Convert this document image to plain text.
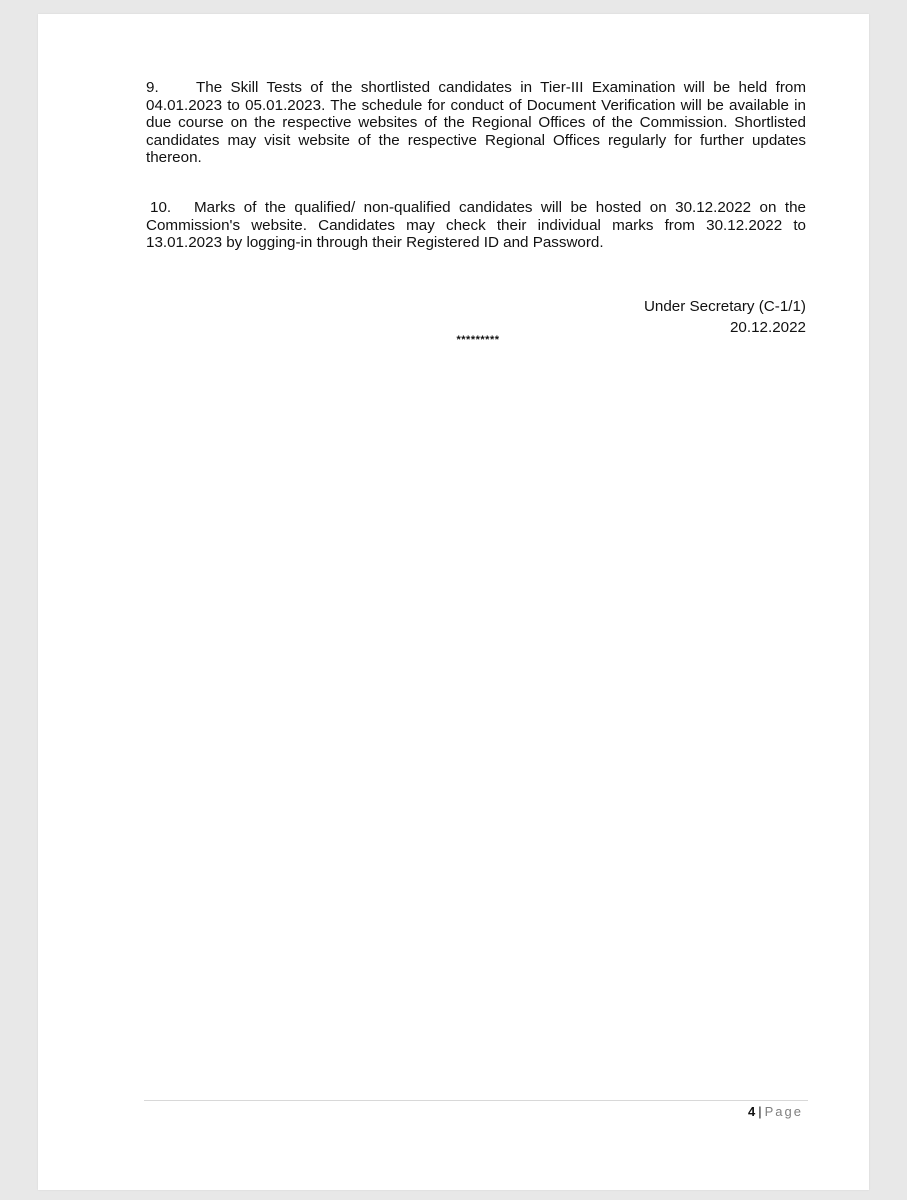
9. The Skill Tests of the shortlisted candidates in Tier-III Examination will be held from 04.01.2023 to 05.01.2023. The schedule for conduct of Document Verification will be available in due course on the respective websites of the Regional Offices of the Commission. Shortlisted candidates may visit website of the respective Regional Offices regularly for further updates thereon.

10. Marks of the qualified/ non-qualified candidates will be hosted on 30.12.2022 on the Commission's website. Candidates may check their individual marks from 30.12.2022 to 13.01.2023 by logging-in through their Registered ID and Password.

Under Secretary (C-1/1)
20.12.2022
*********
4 | Page
